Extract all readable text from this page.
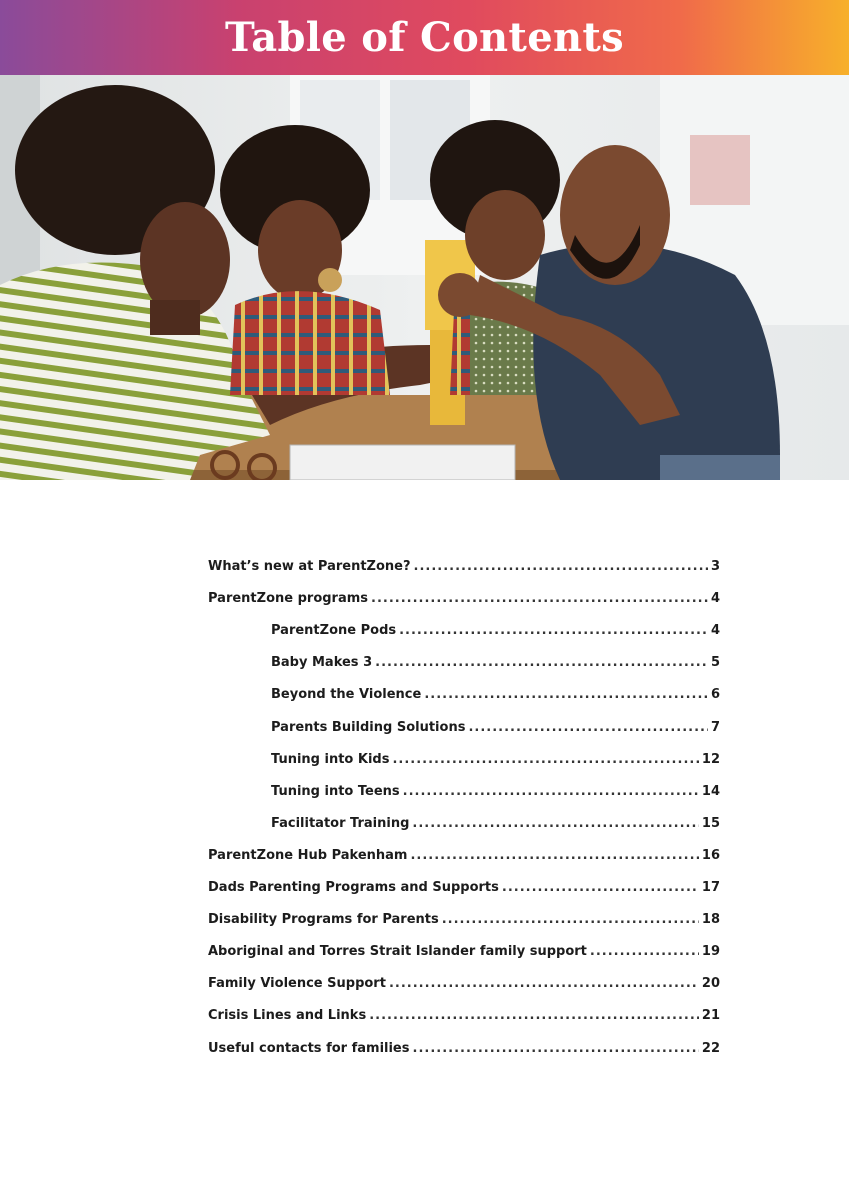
Table of Contents
What’s new at ParentZone? .....	3
ParentZone programs .....	4
ParentZone Pods .....	4
Baby Makes 3 .....	5
Beyond the Violence .....	6
Parents Building Solutions .....	7
Tuning into Kids .....	12
Tuning into Teens .....	14
Facilitator Training .....	15
ParentZone Hub Pakenham .....	16
Dads Parenting Programs and Supports .....	17
Disability Programs for Parents .....	18
Aboriginal and Torres Strait Islander family support .....	19
Family Violence Support .....	20
Crisis Lines and Links .....	21
Useful contacts for families .....	22
